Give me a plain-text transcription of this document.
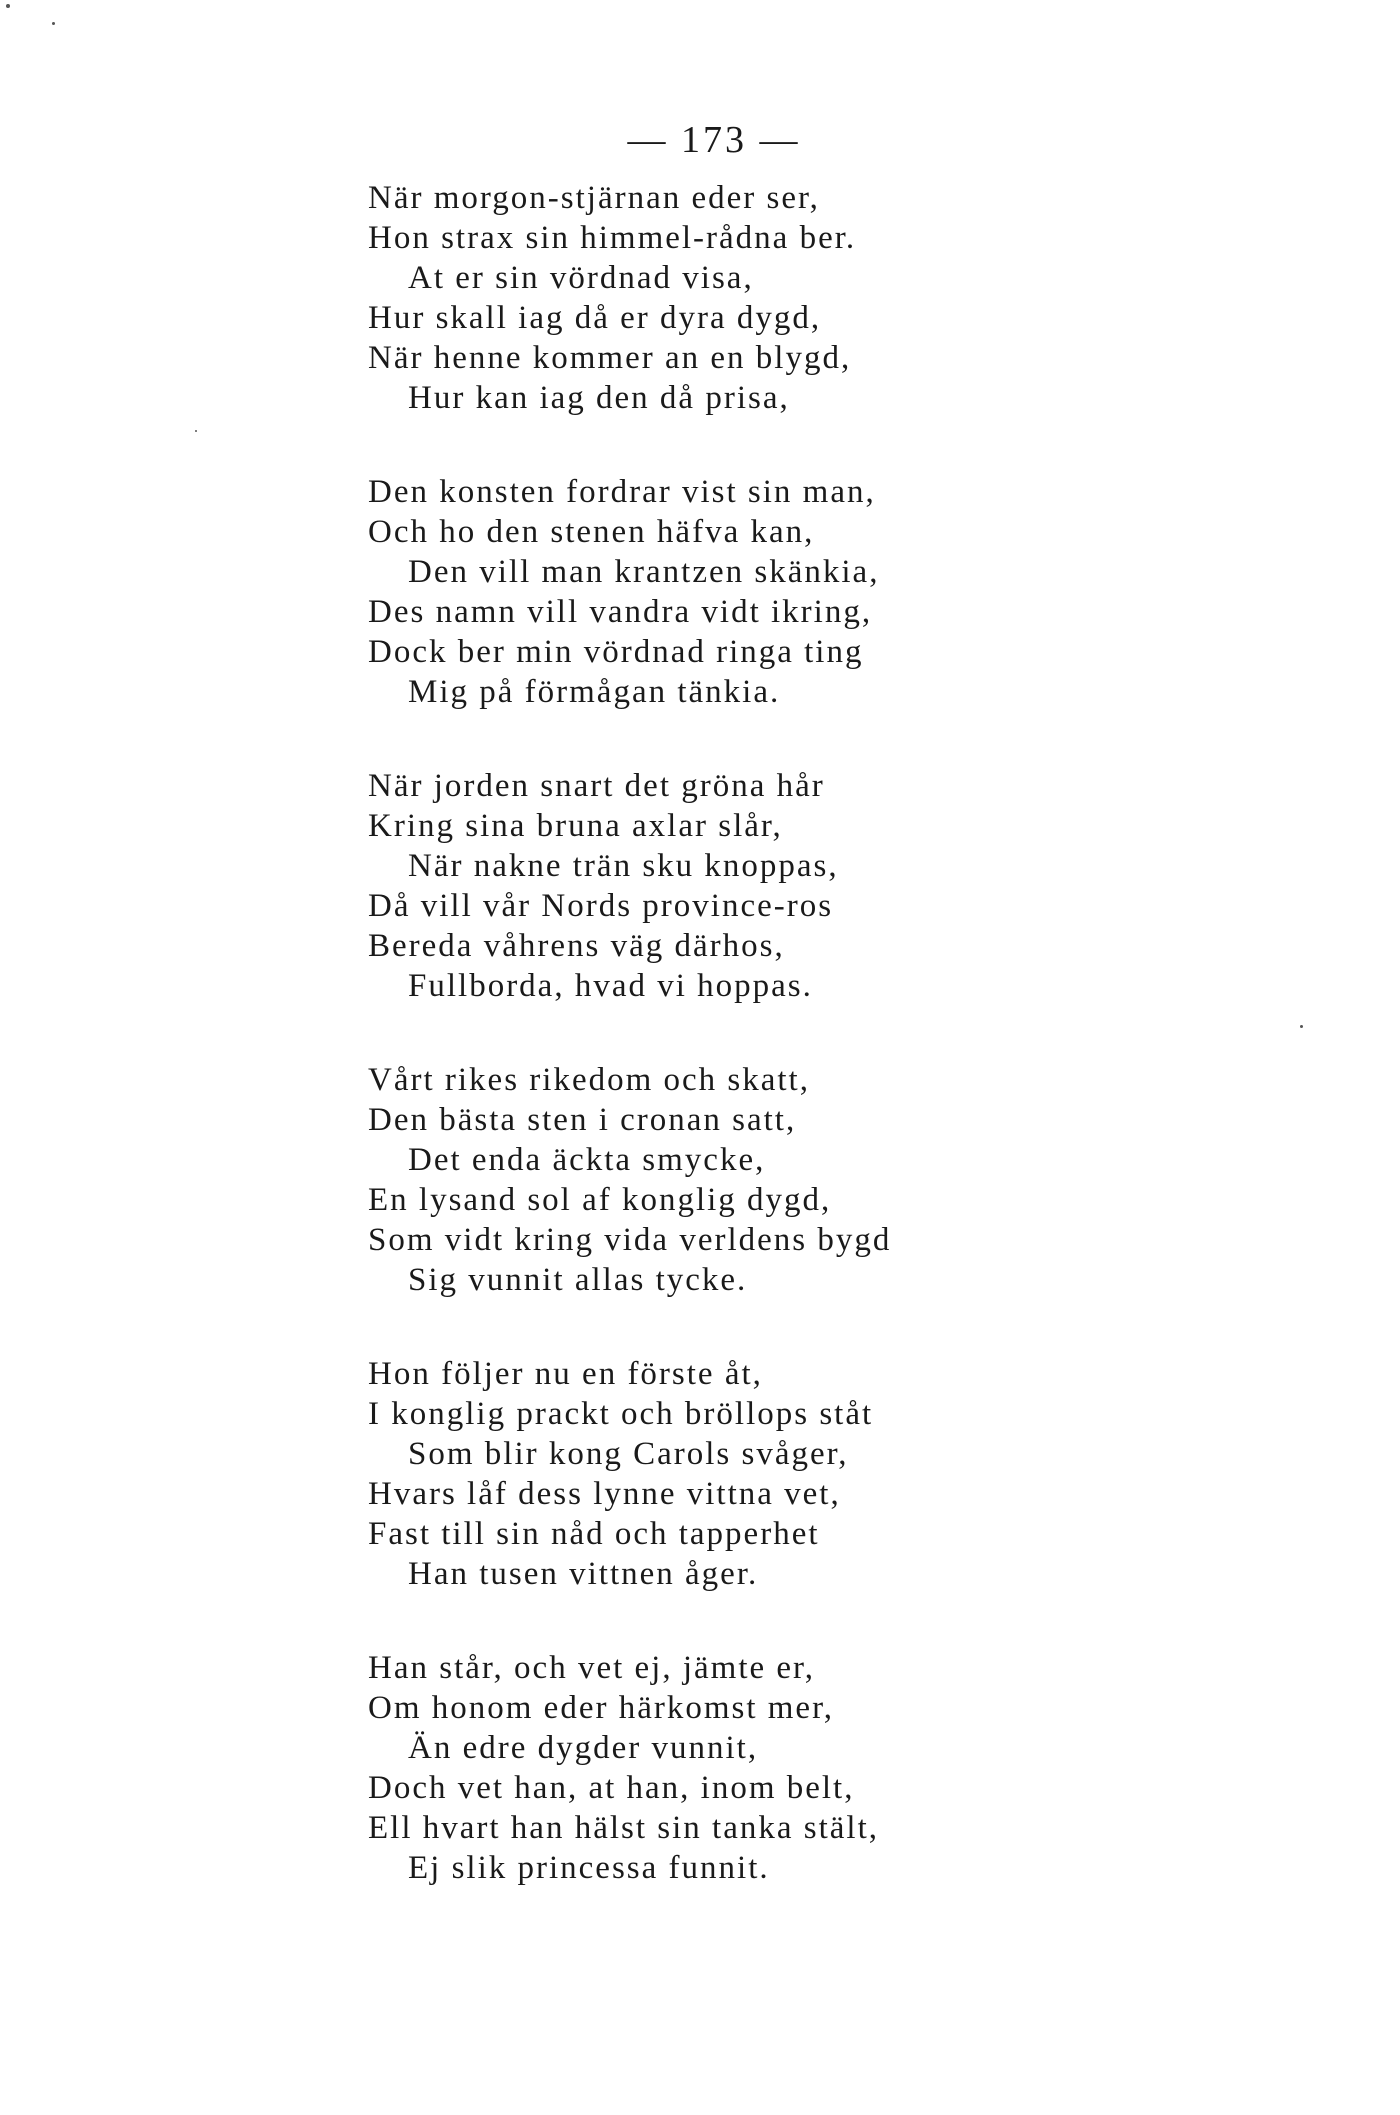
— 173 —
När morgon-stjärnan eder ser,
Hon strax sin himmel-rådna ber.
At er sin vördnad visa,
Hur skall iag då er dyra dygd,
När henne kommer an en blygd,
Hur kan iag den då prisa,
Den konsten fordrar vist sin man,
Och ho den stenen häfva kan,
Den vill man krantzen skänkia,
Des namn vill vandra vidt ikring,
Dock ber min vördnad ringa ting
Mig på förmågan tänkia.
När jorden snart det gröna hår
Kring sina bruna axlar slår,
När nakne trän sku knoppas,
Då vill vår Nords province-ros
Bereda våhrens väg därhos,
Fullborda, hvad vi hoppas.
Vårt rikes rikedom och skatt,
Den bästa sten i cronan satt,
Det enda äckta smycke,
En lysand sol af konglig dygd,
Som vidt kring vida verldens bygd
Sig vunnit allas tycke.
Hon följer nu en förste åt,
I konglig prackt och bröllops ståt
Som blir kong Carols svåger,
Hvars låf dess lynne vittna vet,
Fast till sin nåd och tapperhet
Han tusen vittnen åger.
Han står, och vet ej, jämte er,
Om honom eder härkomst mer,
Än edre dygder vunnit,
Doch vet han, at han, inom belt,
Ell hvart han hälst sin tanka stält,
Ej slik princessa funnit.
